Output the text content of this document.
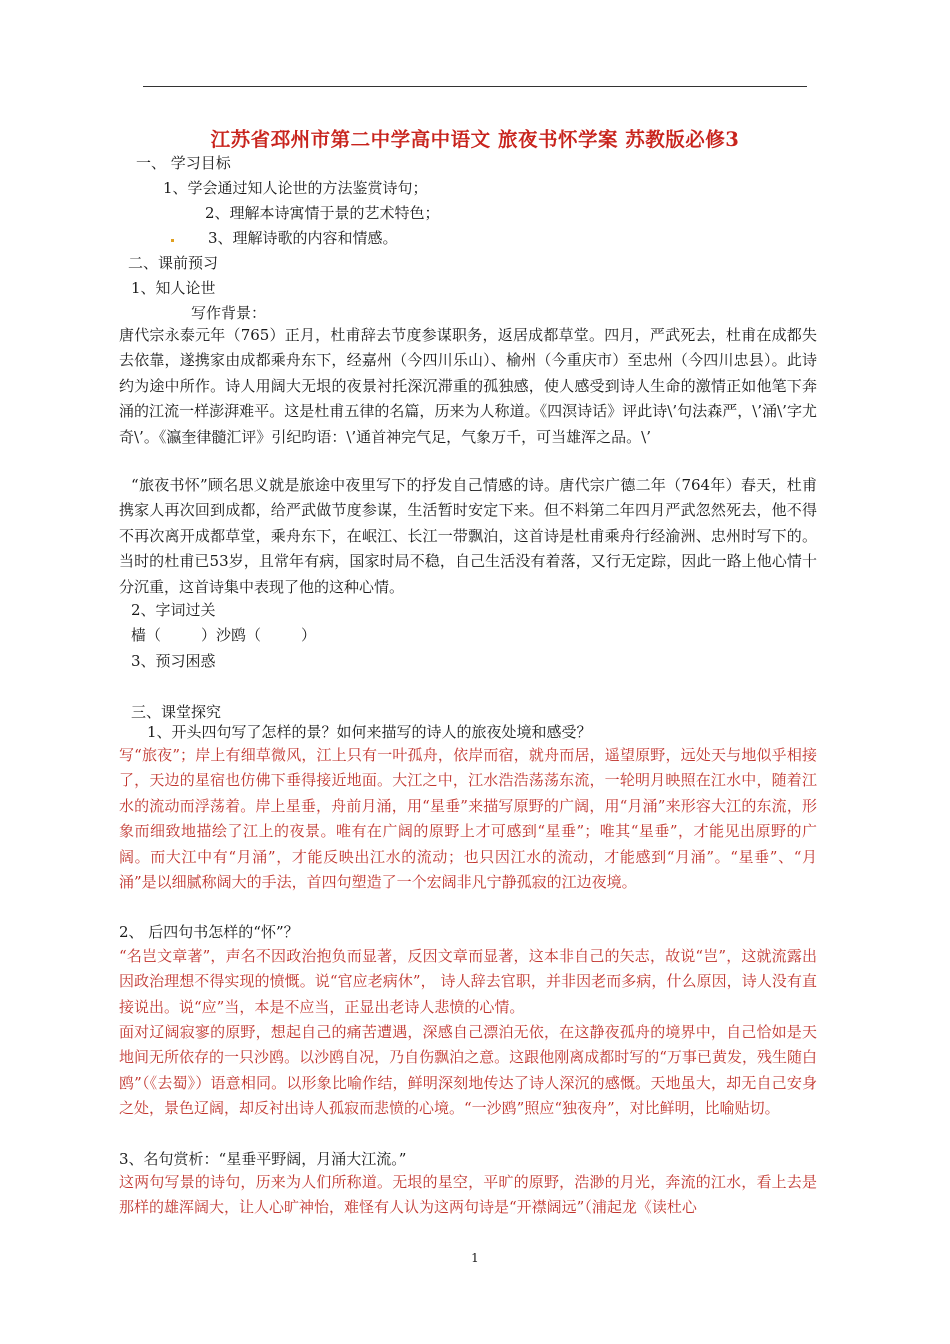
江苏省邳州市第二中学高中语文 旅夜书怀学案 苏教版必修3
一、 学习目标
1、学会通过知人论世的方法鉴赏诗句；
2、理解本诗寓情于景的艺术特色；
3、理解诗歌的内容和情感。
二、课前预习
1、知人论世
写作背景：
唐代宗永泰元年（765）正月，杜甫辞去节度参谋职务，返居成都草堂。四月，严武死去，杜甫在成都失去依靠，遂携家由成都乘舟东下，经嘉州（今四川乐山）、榆州（今重庆市）至忠州（今四川忠县）。此诗约为途中所作。诗人用阔大无垠的夜景衬托深沉滞重的孤独感，使人感受到诗人生命的激情正如他笔下奔涌的江流一样澎湃难平。这是杜甫五律的名篇，历来为人称道。《四溟诗话》评此诗\’句法森严，\’涌\’字尤奇\’。《瀛奎律髓汇评》引纪昀语：\’通首神完气足，气象万千，可当雄浑之品。\’
“旅夜书怀”顾名思义就是旅途中夜里写下的抒发自己情感的诗。唐代宗广德二年（764年）春天，杜甫携家人再次回到成都，给严武做节度参谋，生活暂时安定下来。但不料第二年四月严武忽然死去，他不得不再次离开成都草堂，乘舟东下，在岷江、长江一带飘泊，这首诗是杜甫乘舟行经渝洲、忠州时写下的。当时的杜甫已53岁，且常年有病，国家时局不稳，自己生活没有着落，又行无定踪，因此一路上他心情十分沉重，这首诗集中表现了他的这种心情。
2、字词过关
樯（	）沙鸥（	）
3、预习困惑
三、课堂探究
1、开头四句写了怎样的景？如何来描写的诗人的旅夜处境和感受？
写“旅夜”；岸上有细草微风，江上只有一叶孤舟，依岸而宿，就舟而居，遥望原野，远处天与地似乎相接了，天边的星宿也仿佛下垂得接近地面。大江之中，江水浩浩荡荡东流，一轮明月映照在江水中，随着江水的流动而浮荡着。岸上星垂，舟前月涌，用“星垂”来描写原野的广阔，用“月涌”来形容大江的东流，形象而细致地描绘了江上的夜景。唯有在广阔的原野上才可感到“星垂”；唯其“星垂”，才能见出原野的广阔。而大江中有“月涌”，才能反映出江水的流动；也只因江水的流动，才能感到“月涌”。“星垂”、“月涌”是以细腻称阔大的手法，首四句塑造了一个宏阔非凡宁静孤寂的江边夜境。
2、 后四句书怎样的“怀”？
“名岂文章著”，声名不因政治抱负而显著，反因文章而显著，这本非自己的矢志，故说“岂”，这就流露出因政治理想不得实现的愤慨。说“官应老病休”， 诗人辞去官职，并非因老而多病，什么原因，诗人没有直接说出。说“应”当，本是不应当，正显出老诗人悲愤的心情。
面对辽阔寂寥的原野，想起自己的痛苦遭遇，深感自己漂泊无依，在这静夜孤舟的境界中，自己恰如是天地间无所依存的一只沙鸥。以沙鸥自况，乃自伤飘泊之意。这跟他刚离成都时写的“万事已黄发，残生随白鸥”（《去蜀》）语意相同。以形象比喻作结，鲜明深刻地传达了诗人深沉的感慨。天地虽大，却无自己安身之处，景色辽阔，却反衬出诗人孤寂而悲愤的心境。“一沙鸥”照应“独夜舟”，对比鲜明，比喻贴切。
3、名句赏析：“星垂平野阔，月涌大江流。”
这两句写景的诗句，历来为人们所称道。无垠的星空，平旷的原野，浩渺的月光，奔流的江水，看上去是那样的雄浑阔大，让人心旷神怡，难怪有人认为这两句诗是“开襟阔远”（浦起龙《读杜心
1
